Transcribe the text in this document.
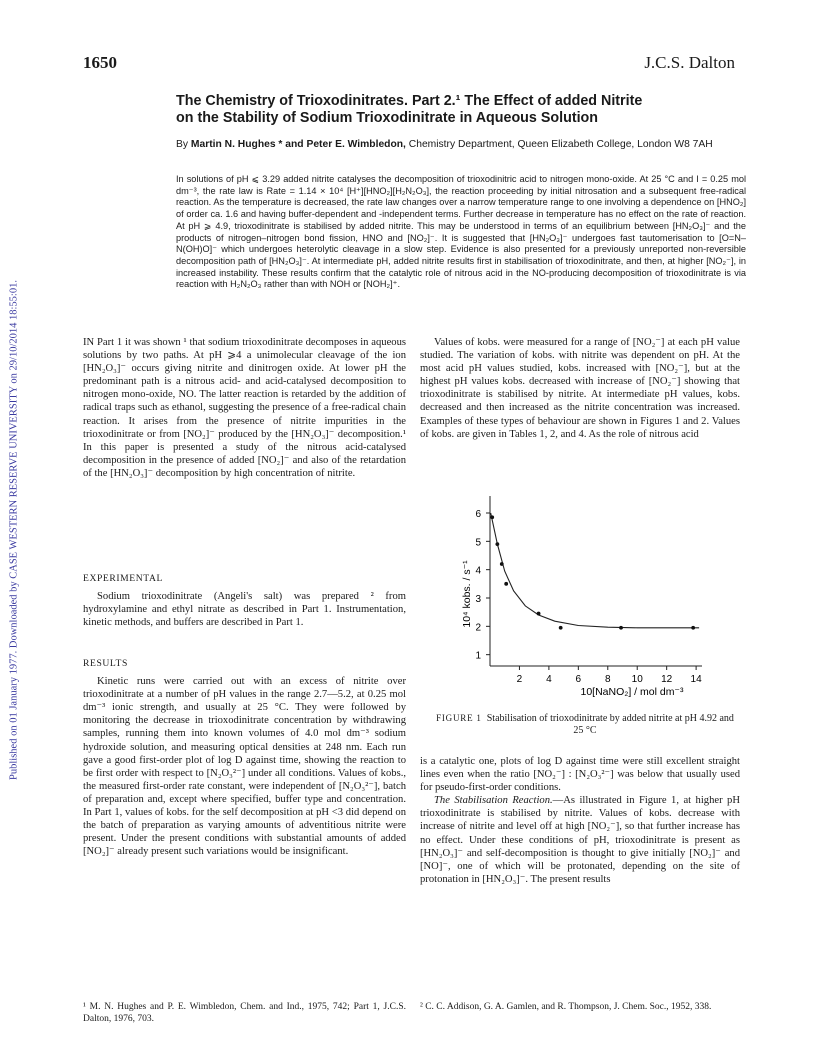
Published on 01 January 1977. Downloaded by CASE WESTERN RESERVE UNIVERSITY on 29/10/2014 18:55:01.
1650	J.C.S. Dalton
The Chemistry of Trioxodinitrates. Part 2.¹ The Effect of added Nitrite
on the Stability of Sodium Trioxodinitrate in Aqueous Solution
By Martin N. Hughes * and Peter E. Wimbledon, Chemistry Department, Queen Elizabeth College, London W8 7AH
In solutions of pH ⩽ 3.29 added nitrite catalyses the decomposition of trioxodinitric acid to nitrogen mono-oxide. At 25 °C and I = 0.25 mol dm⁻³, the rate law is Rate = 1.14 × 10⁴ [H⁺][HNO₂][H₂N₂O₃], the reaction proceeding by initial nitrosation and a subsequent free-radical reaction. As the temperature is decreased, the rate law changes over a narrow temperature range to one involving a dependence on [HNO₂] of order ca. 1.6 and having buffer-dependent and -independent terms. Further decrease in temperature has no effect on the rate of reaction. At pH ⩾ 4.9, trioxodinitrate is stabilised by added nitrite. This may be understood in terms of an equilibrium between [HN₂O₃]⁻ and the products of nitrogen–nitrogen bond fission, HNO and [NO₂]⁻. It is suggested that [HN₂O₃]⁻ undergoes fast tautomerisation to [O=N–N(OH)O]⁻ which undergoes heterolytic cleavage in a slow step. Evidence is also presented for a previously unreported non-reversible decomposition path of [HN₂O₃]⁻. At intermediate pH, added nitrite results first in stabilisation of trioxodinitrate, and then, at higher [NO₂⁻], in increased instability. These results confirm that the catalytic role of nitrous acid in the NO-producing decomposition of trioxodinitrate is via reaction with H₂N₂O₃ rather than with NOH or [NOH₂]⁺.

IN Part 1 it was shown ¹ that sodium trioxodinitrate decomposes in aqueous solutions by two paths. At pH ⩾4 a unimolecular cleavage of the ion [HN₂O₃]⁻ occurs giving nitrite and dinitrogen oxide. At lower pH the predominant path is a nitrous acid- and acid-catalysed decomposition to nitrogen mono-oxide, NO. The latter reaction is retarded by the addition of radical traps such as ethanol, suggesting the presence of a free-radical chain reaction. It arises from the presence of nitrite impurities in the trioxodinitrate or from [NO₂]⁻ produced by the [HN₂O₃]⁻ decomposition.¹ In this paper is presented a study of the nitrous acid-catalysed decomposition in the presence of added [NO₂]⁻ and also of the retardation of the [HN₂O₃]⁻ decomposition by high concentration of nitrite.

EXPERIMENTAL

Sodium trioxodinitrate (Angeli's salt) was prepared ² from hydroxylamine and ethyl nitrate as described in Part 1. Instrumentation, kinetic methods, and buffers are described in Part 1.

RESULTS

Kinetic runs were carried out with an excess of nitrite over trioxodinitrate at a number of pH values in the range 2.7—5.2, at 0.25 mol dm⁻³ ionic strength, and usually at 25 °C. They were followed by monitoring the decrease in trioxodinitrate concentration by withdrawing samples, running them into known volumes of 4.0 mol dm⁻³ sodium hydroxide solution, and measuring optical densities at 248 nm. Each run gave a good first-order plot of log D against time, showing the reaction to be first order with respect to [N₂O₃²⁻] under all conditions. Values of kobs., the measured first-order rate constant, were independent of [N₂O₃²⁻], batch of preparation and, except where specified, buffer type and concentration. In Part 1, values of kobs. for the self decomposition at pH <3 did depend on the batch of preparation as varying amounts of adventitious nitrite were present. Under the present conditions with substantial amounts of added [NO₂]⁻ already present such variations would be insignificant.

¹ M. N. Hughes and P. E. Wimbledon, Chem. and Ind., 1975, 742; Part 1, J.C.S. Dalton, 1976, 703.

Values of kobs. were measured for a range of [NO₂⁻] at each pH value studied. The variation of kobs. with nitrite was dependent on pH. At the most acid pH values studied, kobs. increased with [NO₂⁻], but at the highest pH values kobs. decreased with increase of [NO₂⁻] showing that trioxodinitrate is stabilised by nitrite. At intermediate pH values, kobs. decreased and then increased as the nitrite concentration was increased. Examples of these types of behaviour are shown in Figures 1 and 2. Values of kobs. are given in Tables 1, 2, and 4. As the role of nitrous acid

2 4 6 8 10 12 14
1
2
3
4
5
6
10⁴ kobs. / s⁻¹
10[NaNO₂] / mol dm⁻³
FIGURE 1 Stabilisation of trioxodinitrate by added nitrite at pH 4.92 and 25 °C

is a catalytic one, plots of log D against time were still excellent straight lines even when the ratio [NO₂⁻] : [N₂O₃²⁻] was below that usually used for pseudo-first-order conditions.

The Stabilisation Reaction.—As illustrated in Figure 1, at higher pH trioxodinitrate is stabilised by nitrite. Values of kobs. decrease with increase of nitrite and level off at high [NO₂⁻], so that further increase has no effect. Under these conditions of pH, trioxodinitrate is present as [HN₂O₃]⁻ and self-decomposition is thought to give initially [NO₂]⁻ and [NO]⁻, one of which will be protonated, depending on the site of protonation in [HN₂O₃]⁻. The present results

² C. C. Addison, G. A. Gamlen, and R. Thompson, J. Chem. Soc., 1952, 338.
